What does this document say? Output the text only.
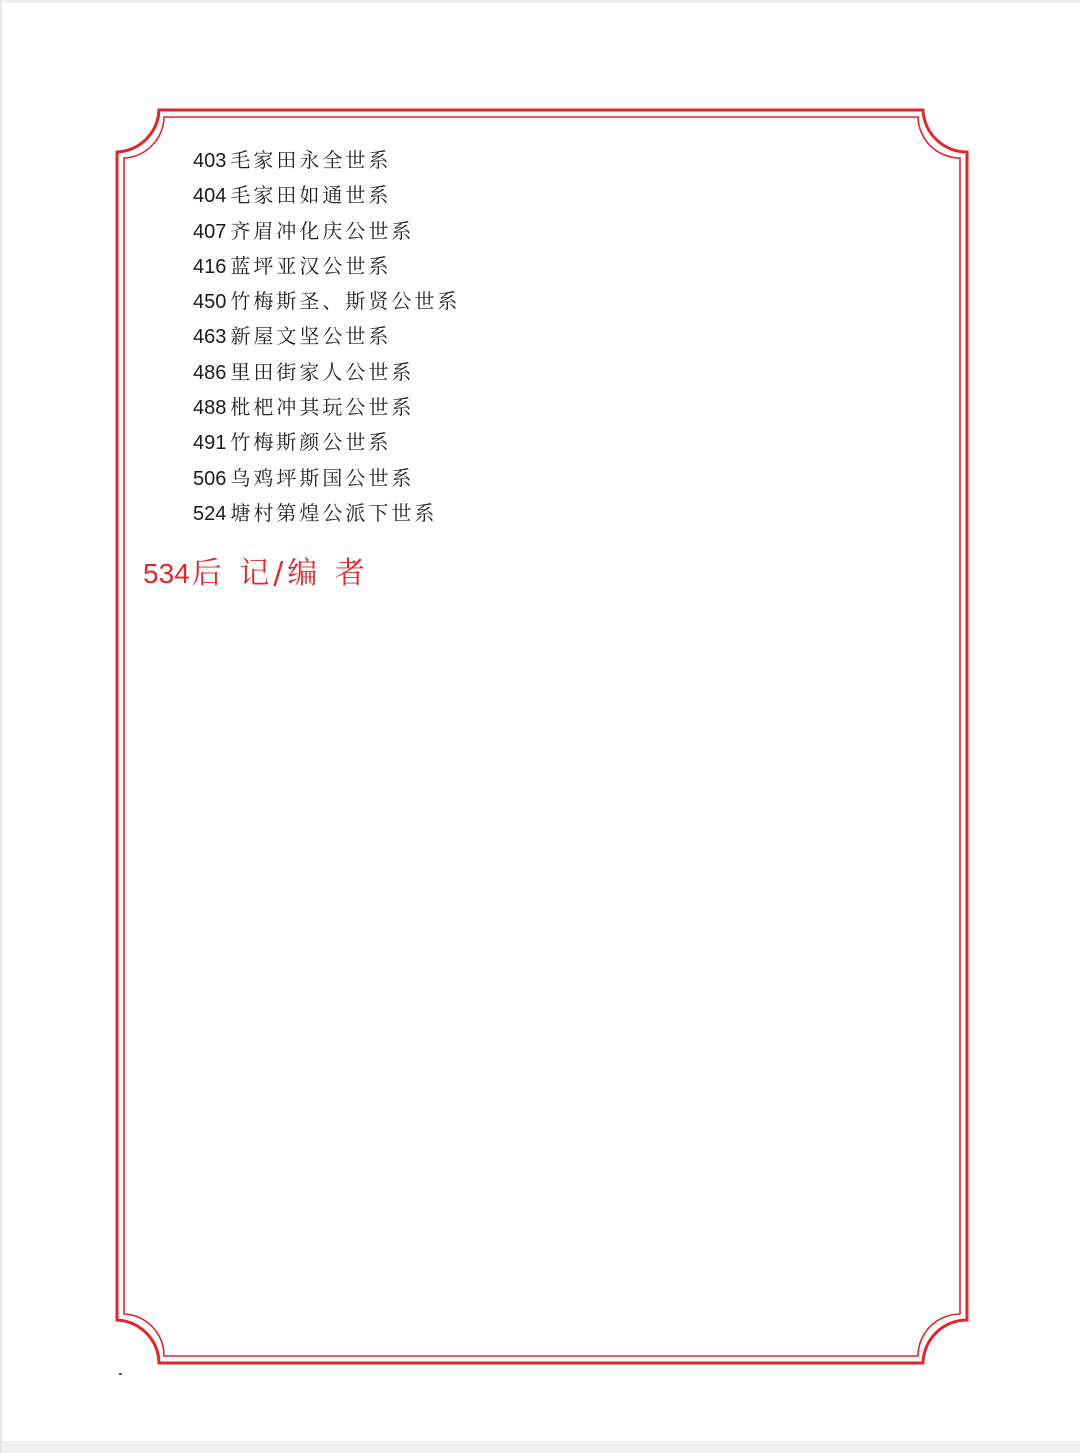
403 毛家田永全世系
404 毛家田如通世系
407 齐眉冲化庆公世系
416 蓝坪亚汉公世系
450 竹梅斯圣、斯贤公世系
463 新屋文坚公世系
486 里田街家人公世系
488 枇杷冲其玩公世系
491 竹梅斯颜公世系
506 乌鸡坪斯国公世系
524 塘村第煌公派下世系
534后 记/编 者
